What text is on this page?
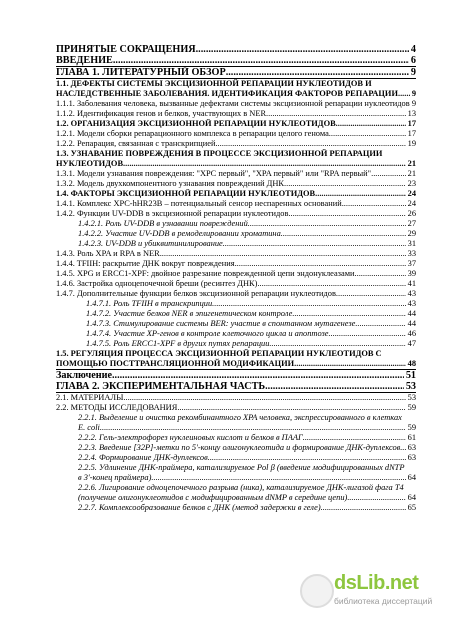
ПРИНЯТЫЕ СОКРАЩЕНИЯ .....	4
ВВЕДЕНИЕ .....	6
ГЛАВА 1. ЛИТЕРАТУРНЫЙ ОБЗОР .....	9
1.1. ДЕФЕКТЫ СИСТЕМЫ ЭКСЦИЗИОННОЙ РЕПАРАЦИИ НУКЛЕОТИДОВ И НАСЛЕДСТВЕННЫЕ ЗАБОЛЕВАНИЯ. ИДЕНТИФИКАЦИЯ ФАКТОРОВ РЕПАРАЦИИ. .....	9
1.1.1. Заболевания человека, вызванные дефектами системы эксцизионной репарации нуклеотидов ..... 9
1.1.2. Идентификация генов и белков, участвующих в NER .....	13
1.2. ОРГАНИЗАЦИЯ ЭКСЦИЗИОННОЙ РЕПАРАЦИИ НУКЛЕОТИДОВ .....	17
1.2.1. Модели сборки репарационного комплекса в репарации целого генома .....	17
1.2.2. Репарация, связанная с транскрипцией .....	19
1.3. УЗНАВАНИЕ ПОВРЕЖДЕНИЯ В ПРОЦЕССЕ ЭКСЦИЗИОННОЙ РЕПАРАЦИИ НУКЛЕОТИДОВ .....	21
1.3.1. Модели узнавания повреждения: "XPC первый", "XPA первый" или "RPA первый" .....	21
1.3.2. Модель двухкомпонентного узнавания повреждений ДНК .....	23
1.4. ФАКТОРЫ ЭКСЦИЗИОННОЙ РЕПАРАЦИИ НУКЛЕОТИДОВ .....	24
1.4.1. Комплекс XPC-hHR23B – потенциальный сенсор неспаренных оснований .....	24
1.4.2. Функции UV-DDB в эксцизионной репарации нуклеотидов .....	26
1.4.2.1. Роль UV-DDB в узнавании повреждений .....	27
1.4.2.2. Участие UV-DDB в ремоделировании хроматина .....	29
1.4.2.3. UV-DDB и убиквитинилирование .....	31
1.4.3. Роль XPA и RPA в NER .....	33
1.4.4. TFIIH: раскрытие ДНК вокруг повреждения .....	37
1.4.5. XPG и ERCC1-XPF: двойное разрезание поврежденной цепи эндонуклеазами .....	39
1.4.6. Застройка одноцепочечной бреши (ресинтез ДНК) .....	41
1.4.7. Дополнительные функции белков эксцизионной репарации нуклеотидов .....	43
1.4.7.1. Роль TFIIH в транскрипции .....	43
1.4.7.2. Участие белков NER в эпигенетическом контроле .....	44
1.4.7.3. Стимулирование системы BER: участие в спонтанном мутагенезе .....	44
1.4.7.4. Участие XP-генов в контроле клеточного цикла и апоптозе .....	46
1.4.7.5. Роль ERCC1-XPF в других путях репарации .....	47
1.5. РЕГУЛЯЦИЯ ПРОЦЕССА ЭКСЦИЗИОННОЙ РЕПАРАЦИИ НУКЛЕОТИДОВ С ПОМОЩЬЮ ПОСТТРАНСЛЯЦИОННОЙ МОДИФИКАЦИИ .....	48
Заключение .....	51
ГЛАВА 2. ЭКСПЕРИМЕНТАЛЬНАЯ ЧАСТЬ .....	53
2.1. МАТЕРИАЛЫ .....	53
2.2. МЕТОДЫ ИССЛЕДОВАНИЯ .....	59
2.2.1. Выделение и очистка рекомбинантного XPA человека, экспрессированного в клетках E. coli .....	59
2.2.2. Гель-электрофорез нуклеиновых кислот и белков в ПААГ .....	61
2.2.3. Введение [32P]-метки по 5'-концу олигонуклеотида и формирование ДНК-дуплексов ..... 63
2.2.4. Формирование ДНК-дуплексов .....	63
2.2.5. Удлинение ДНК-праймера, катализируемое Pol β (введение модифицированных dNTP в 3'-конец праймера) .....	64
2.2.6. Лигирование одноцепочечного разрыва (ника), катализируемое ДНК-лигазой фага T4 (получение олигонуклеотидов с модифицированным dNMP в середине цепи) .....	64
2.2.7. Комплексообразование белков с ДНК (метод задержки в геле) .....	65
dsLib.net
библиотека диссертаций
